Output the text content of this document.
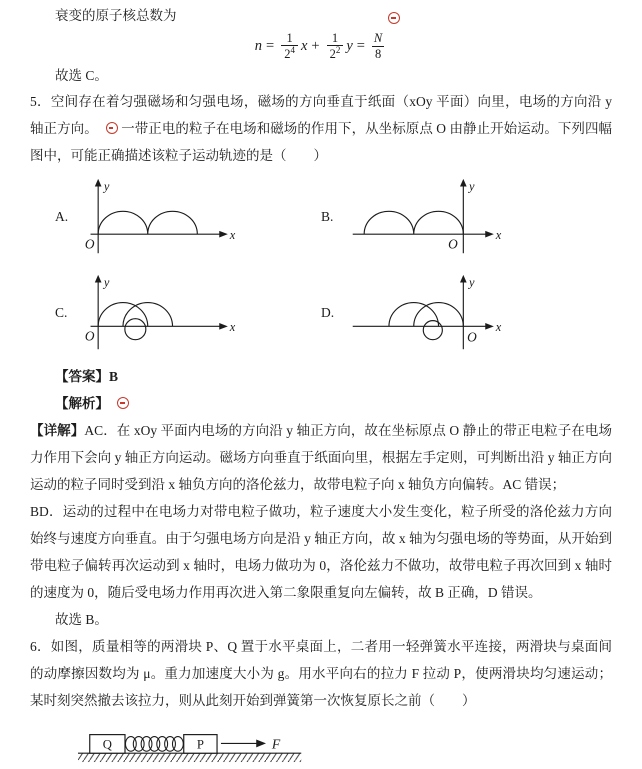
衰变的原子核总数为

$n = \frac{1}{2^4}$ $x + \frac{1}{2^2}$ $y = \frac{N}{8}$

故选 C。

5．空间存在着匀强磁场和匀强电场，磁场的方向垂直于纸面（xOy 平面）向里，电场的方向沿 y 轴正方向。 一带正电的粒子在电场和磁场的作用下，从坐标原点 O 由静止开始运动。下列四幅图中，可能正确描述该粒子运动轨迹的是（　　）

A.
y
x
O
B.
y
x
O
C.
y
x
O
D.
y
x
O

【答案】B

【解析】

【详解】AC．在 xOy 平面内电场的方向沿 y 轴正方向，故在坐标原点 O 静止的带正电粒子在电场力作用下会向 y 轴正方向运动。磁场方向垂直于纸面向里，根据左手定则，可判断出沿 y 轴正方向运动的粒子同时受到沿 x 轴负方向的洛伦兹力，故带电粒子向 x 轴负方向偏转。AC 错误；

BD．运动的过程中在电场力对带电粒子做功，粒子速度大小发生变化，粒子所受的洛伦兹力方向始终与速度方向垂直。由于匀强电场方向是沿 y 轴正方向，故 x 轴为匀强电场的等势面，从开始到带电粒子偏转再次运动到 x 轴时，电场力做功为 0，洛伦兹力不做功，故带电粒子再次回到 x 轴时的速度为 0，随后受电场力作用再次进入第二象限重复向左偏转，故 B 正确，D 错误。

故选 B。

6．如图，质量相等的两滑块 P、Q 置于水平桌面上，二者用一轻弹簧水平连接，两滑块与桌面间的动摩擦因数均为 μ。重力加速度大小为 g。用水平向右的拉力 F 拉动 P，使两滑块均匀速运动；某时刻突然撤去该拉力，则从此刻开始到弹簧第一次恢复原长之前（　　）

Q	P	F
